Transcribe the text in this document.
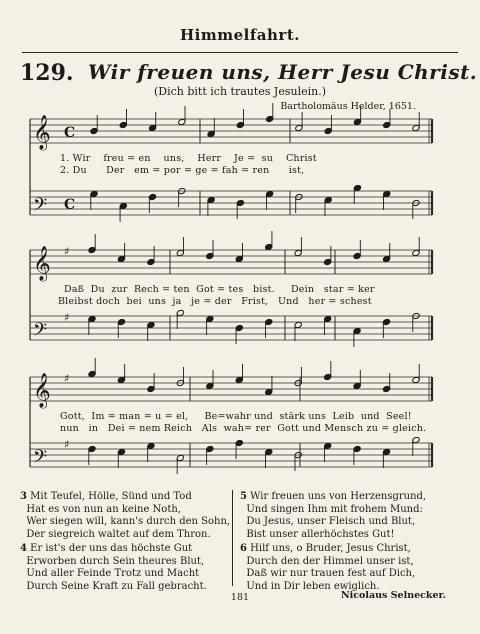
Himmelfahrt.
129. Wir freuen uns, Herr Jesu Christ.
(Dich bitt ich trautes Jesulein.)
Bartholomäus Helder, 1651.
𝄞 C
𝄢 C
𝄞 ♯
𝄢
♯
𝄞 ♯
𝄢
♯
1. Wir    freu = en    uns,    Herr    Je =  su    Christ
2. Du      Der   em = por = ge = fah = ren      ist,
Daß  Du  zur  Rech = ten  Got = tes   bist.     Dein   star = ker
Bleibst doch  bei  uns  ja   je = der   Frist,   Und   her = schest
Gott,  Im = man = u = el,     Be=wahr und  stärk uns  Leib  und  Seel!
nun   in   Dei = nem Reich   Als  wah= rer  Gott und Mensch zu = gleich.
3 Mit Teufel, Hölle, Sünd und Tod
Hat es von nun an keine Noth,
Wer siegen will, kann's durch den Sohn,
Der siegreich waltet auf dem Thron.
4 Er ist's der uns das höchste Gut
Erworben durch Sein theures Blut,
Und aller Feinde Trotz und Macht
Durch Seine Kraft zu Fall gebracht.
5 Wir freuen uns von Herzensgrund,
Und singen Ihm mit frohem Mund:
Du Jesus, unser Fleisch und Blut,
Bist unser allerhöchstes Gut!
6 Hilf uns, o Bruder, Jesus Christ,
Durch den der Himmel unser ist,
Daß wir nur trauen fest auf Dich,
Und in Dir leben ewiglich.
181	Nicolaus Selnecker.
